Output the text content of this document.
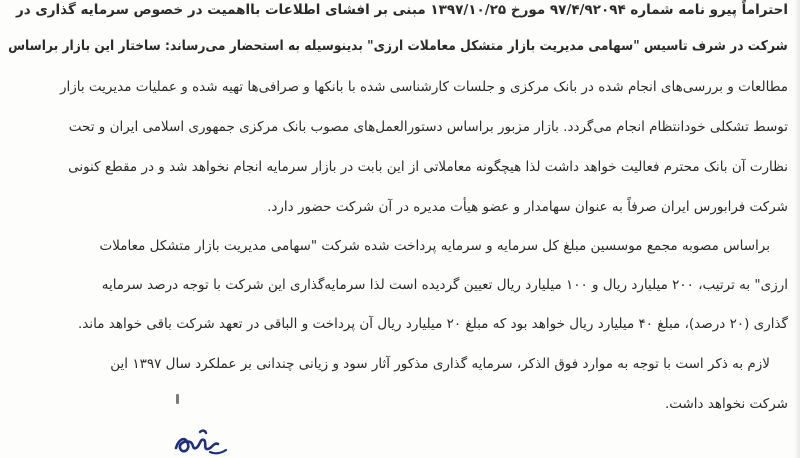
احتراماً پیرو نامه شماره ۹۷/۴/۹۲۰۹۴ مورخ ۱۳۹۷/۱۰/۲۵ مبنی بر افشای اطلاعات بااهمیت در خصوص سرمایه گذاری در
شرکت در شرف تاسیس "سهامی مدیریت بازار متشکل معاملات ارزی" بدینوسیله به استحضار می‌رساند: ساختار این بازار براساس
مطالعات و بررسی‌های انجام شده در بانک مرکزی و جلسات کارشناسی شده با بانکها و صرافی‌ها تهیه شده و عملیات مدیریت بازار
توسط تشکلی خودانتظام انجام می‌گردد. بازار مزبور براساس دستورالعمل‌های مصوب بانک مرکزی جمهوری اسلامی ایران و تحت
نظارت آن بانک محترم فعالیت خواهد داشت لذا هیچگونه معاملاتی از این بابت در بازار سرمایه انجام نخواهد شد و در مقطع کنونی
شرکت فرابورس ایران صرفاً به عنوان سهامدار و عضو هیأت مدیره در آن شرکت حضور دارد.
براساس مصوبه مجمع موسسین مبلغ کل سرمایه و سرمایه پرداخت شده شرکت "سهامی مدیریت بازار متشکل معاملات
ارزی" به ترتیب، ۲۰۰ میلیارد ریال و ۱۰۰ میلیارد ریال تعیین گردیده است لذا سرمایه‌گذاری این شرکت با توجه درصد سرمایه
گذاری (۲۰ درصد)، مبلغ ۴۰ میلیارد ریال خواهد بود که مبلغ ۲۰ میلیارد ریال آن پرداخت و الباقی در تعهد شرکت باقی خواهد ماند.
لازم به ذکر است با توجه به موارد فوق الذکر، سرمایه گذاری مذکور آثار سود و زیانی چندانی بر عملکرد سال ۱۳۹۷ این
شرکت نخواهد داشت.
